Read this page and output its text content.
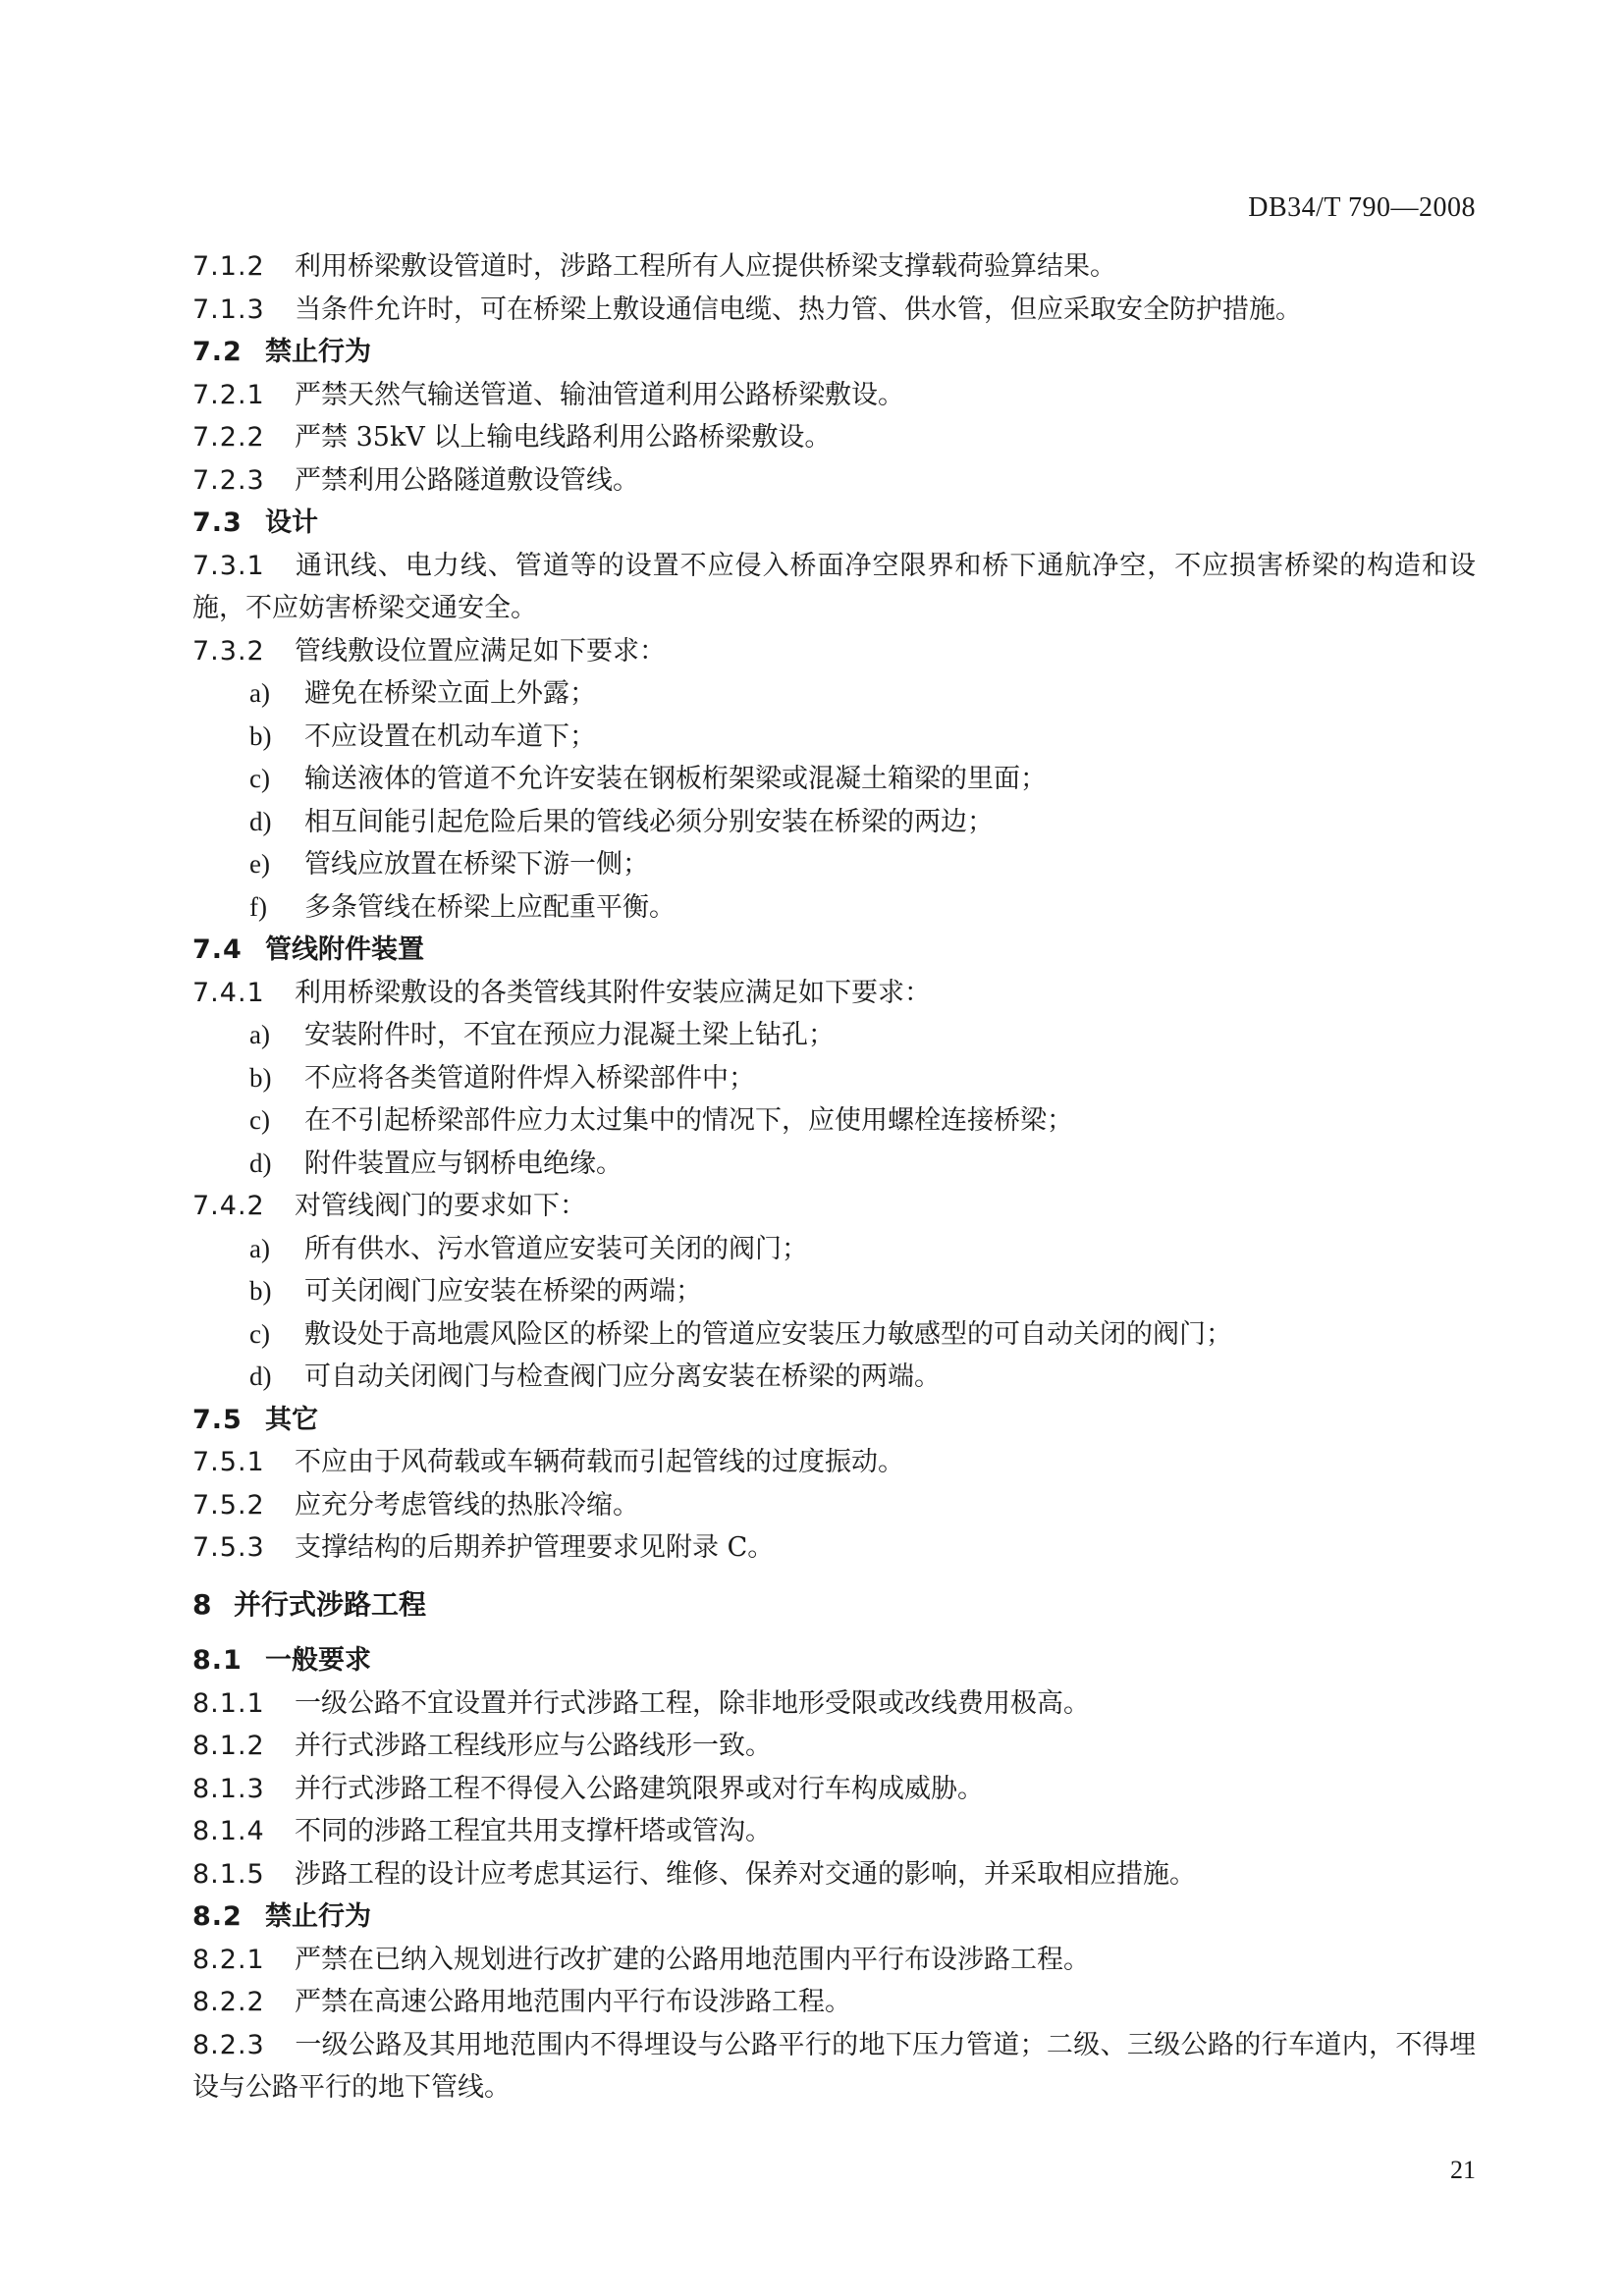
DB34/T 790—2008
7.1.2 利用桥梁敷设管道时，涉路工程所有人应提供桥梁支撑载荷验算结果。
7.1.3 当条件允许时，可在桥梁上敷设通信电缆、热力管、供水管，但应采取安全防护措施。
7.2 禁止行为
7.2.1 严禁天然气输送管道、输油管道利用公路桥梁敷设。
7.2.2 严禁 35kV 以上输电线路利用公路桥梁敷设。
7.2.3 严禁利用公路隧道敷设管线。
7.3 设计
7.3.1 通讯线、电力线、管道等的设置不应侵入桥面净空限界和桥下通航净空，不应损害桥梁的构造和设施，不应妨害桥梁交通安全。
7.3.2 管线敷设位置应满足如下要求：
a) 避免在桥梁立面上外露；
b) 不应设置在机动车道下；
c) 输送液体的管道不允许安装在钢板桁架梁或混凝土箱梁的里面；
d) 相互间能引起危险后果的管线必须分别安装在桥梁的两边；
e) 管线应放置在桥梁下游一侧；
f) 多条管线在桥梁上应配重平衡。
7.4 管线附件装置
7.4.1 利用桥梁敷设的各类管线其附件安装应满足如下要求：
a) 安装附件时，不宜在预应力混凝土梁上钻孔；
b) 不应将各类管道附件焊入桥梁部件中；
c) 在不引起桥梁部件应力太过集中的情况下，应使用螺栓连接桥梁；
d) 附件装置应与钢桥电绝缘。
7.4.2 对管线阀门的要求如下：
a) 所有供水、污水管道应安装可关闭的阀门；
b) 可关闭阀门应安装在桥梁的两端；
c) 敷设处于高地震风险区的桥梁上的管道应安装压力敏感型的可自动关闭的阀门；
d) 可自动关闭阀门与检查阀门应分离安装在桥梁的两端。
7.5 其它
7.5.1 不应由于风荷载或车辆荷载而引起管线的过度振动。
7.5.2 应充分考虑管线的热胀冷缩。
7.5.3 支撑结构的后期养护管理要求见附录 C。
8 并行式涉路工程
8.1 一般要求
8.1.1 一级公路不宜设置并行式涉路工程，除非地形受限或改线费用极高。
8.1.2 并行式涉路工程线形应与公路线形一致。
8.1.3 并行式涉路工程不得侵入公路建筑限界或对行车构成威胁。
8.1.4 不同的涉路工程宜共用支撑杆塔或管沟。
8.1.5 涉路工程的设计应考虑其运行、维修、保养对交通的影响，并采取相应措施。
8.2 禁止行为
8.2.1 严禁在已纳入规划进行改扩建的公路用地范围内平行布设涉路工程。
8.2.2 严禁在高速公路用地范围内平行布设涉路工程。
8.2.3 一级公路及其用地范围内不得埋设与公路平行的地下压力管道；二级、三级公路的行车道内，不得埋设与公路平行的地下管线。
21
